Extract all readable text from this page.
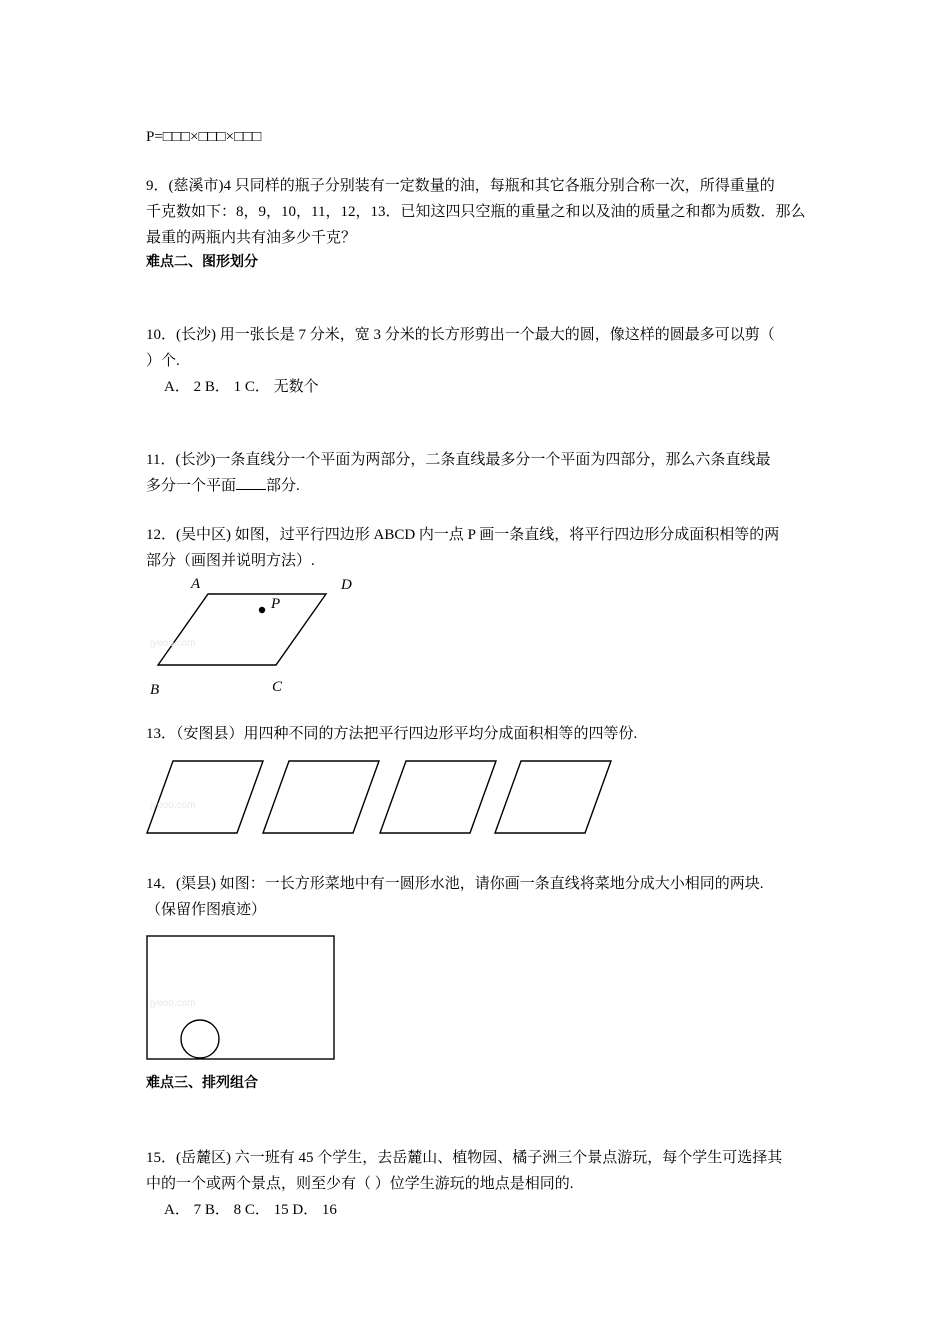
P=□□□×□□□×□□□
9．(慈溪市)4 只同样的瓶子分别装有一定数量的油，每瓶和其它各瓶分别合称一次，所得重量的
千克数如下：8，9，10，11，12，13．已知这四只空瓶的重量之和以及油的质量之和都为质数．那么
最重的两瓶内共有油多少千克？
难点二、图形划分
10．(长沙) 用一张长是 7 分米，宽 3 分米的长方形剪出一个最大的圆，像这样的圆最多可以剪（
）个.
A． 2 B． 1 C． 无数个
11．(长沙)一条直线分一个平面为两部分，二条直线最多分一个平面为四部分，那么六条直线最
多分一个平面 部分.
12．(吴中区) 如图，过平行四边形 ABCD 内一点 P 画一条直线，将平行四边形分成面积相等的两
部分（画图并说明方法）.
A	D
P
B	C
jyeoo.com
jyeoo.com
jyeoo.com
13．（安图县）用四种不同的方法把平行四边形平均分成面积相等的四等份.
14．(渠县) 如图：一长方形菜地中有一圆形水池，请你画一条直线将菜地分成大小相同的两块.
（保留作图痕迹）
难点三、排列组合
15．(岳麓区) 六一班有 45 个学生，去岳麓山、植物园、橘子洲三个景点游玩，每个学生可选择其
中的一个或两个景点，则至少有（ ）位学生游玩的地点是相同的.
A． 7 B． 8 C． 15 D． 16
